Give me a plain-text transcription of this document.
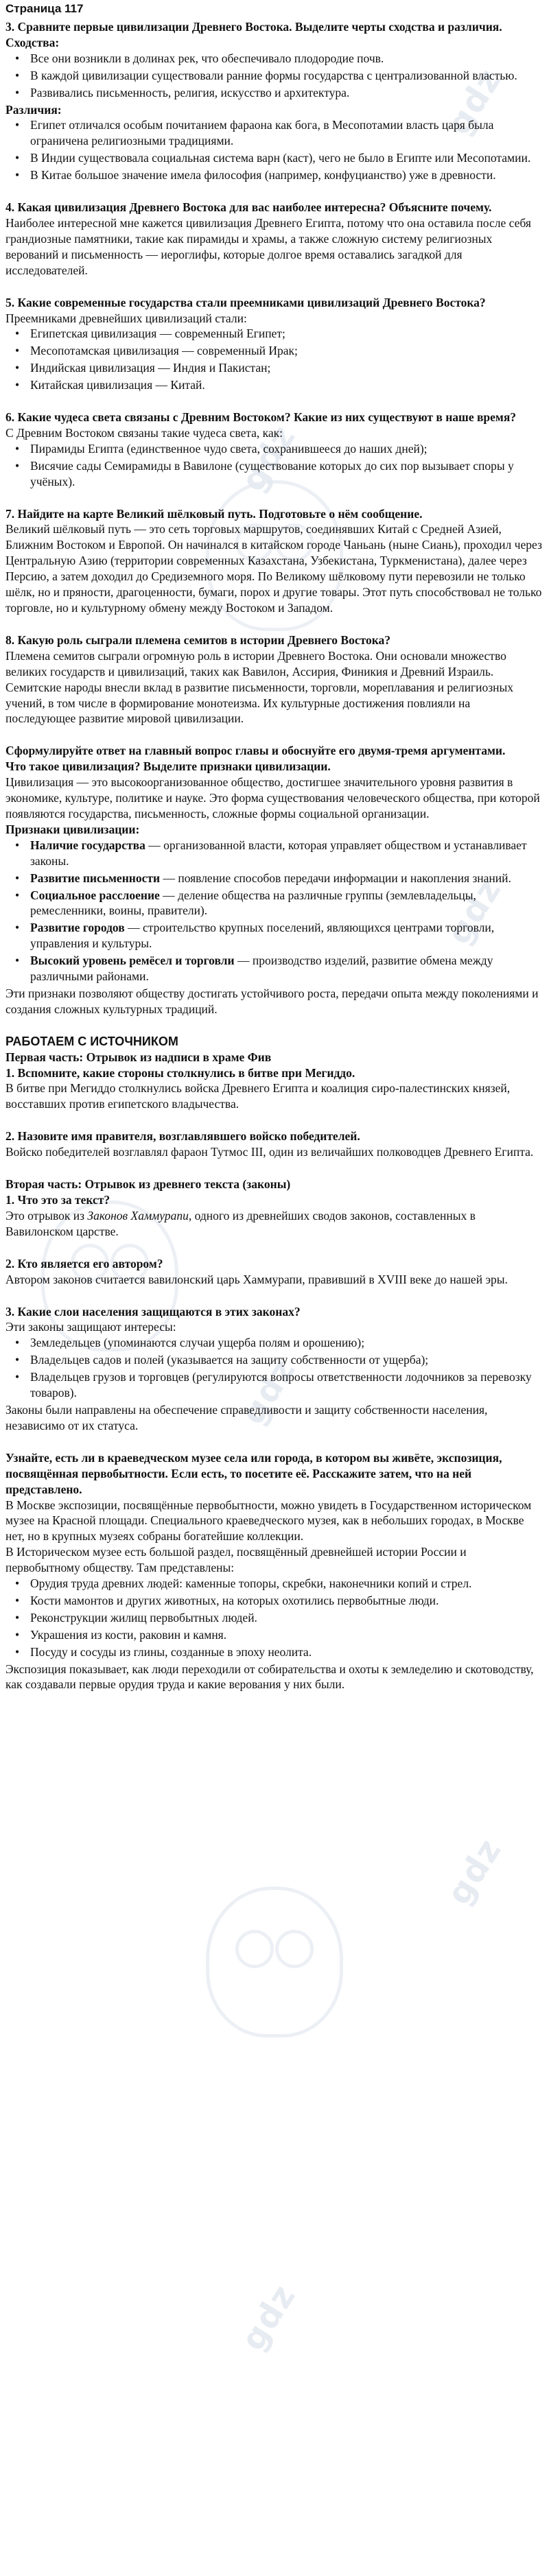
gdz
gdz
gdz
gdz
gdz
gdz
Страница 117

3. Сравните первые цивилизации Древнего Востока. Выделите черты сходства и различия.

Сходства:

• Все они возникли в долинах рек, что обеспечивало плодородие почв.
• В каждой цивилизации существовали ранние формы государства с централизованной властью.
• Развивались письменность, религия, искусство и архитектура.

Различия:

• Египет отличался особым почитанием фараона как бога, в Месопотамии власть царя была ограничена религиозными традициями.
• В Индии существовала социальная система варн (каст), чего не было в Египте или Месопотамии.
• В Китае большое значение имела философия (например, конфуцианство) уже в древности.

4. Какая цивилизация Древнего Востока для вас наиболее интересна? Объясните почему.

Наиболее интересной мне кажется цивилизация Древнего Египта, потому что она оставила после себя грандиозные памятники, такие как пирамиды и храмы, а также сложную систему религиозных верований и письменность — иероглифы, которые долгое время оставались загадкой для исследователей.

5. Какие современные государства стали преемниками цивилизаций Древнего Востока?

Преемниками древнейших цивилизаций стали:

• Египетская цивилизация — современный Египет;
• Месопотамская цивилизация — современный Ирак;
• Индийская цивилизация — Индия и Пакистан;
• Китайская цивилизация — Китай.

6. Какие чудеса света связаны с Древним Востоком? Какие из них существуют в наше время?

С Древним Востоком связаны такие чудеса света, как:

• Пирамиды Египта (единственное чудо света, сохранившееся до наших дней);
• Висячие сады Семирамиды в Вавилоне (существование которых до сих пор вызывает споры у учёных).

7. Найдите на карте Великий шёлковый путь. Подготовьте о нём сообщение.

Великий шёлковый путь — это сеть торговых маршрутов, соединявших Китай с Средней Азией, Ближним Востоком и Европой. Он начинался в китайском городе Чаньань (ныне Сиань), проходил через Центральную Азию (территории современных Казахстана, Узбекистана, Туркменистана), далее через Персию, а затем доходил до Средиземного моря. По Великому шёлковому пути перевозили не только шёлк, но и пряности, драгоценности, бумаги, порох и другие товары. Этот путь способствовал не только торговле, но и культурному обмену между Востоком и Западом.

8. Какую роль сыграли племена семитов в истории Древнего Востока?

Племена семитов сыграли огромную роль в истории Древнего Востока. Они основали множество великих государств и цивилизаций, таких как Вавилон, Ассирия, Финикия и Древний Израиль. Семитские народы внесли вклад в развитие письменности, торговли, мореплавания и религиозных учений, в том числе в формирование монотеизма. Их культурные достижения повлияли на последующее развитие мировой цивилизации.

Сформулируйте ответ на главный вопрос главы и обоснуйте его двумя-тремя аргументами.

Что такое цивилизация? Выделите признаки цивилизации.

Цивилизация — это высокоорганизованное общество, достигшее значительного уровня развития в экономике, культуре, политике и науке. Это форма существования человеческого общества, при которой появляются государства, письменность, сложные формы социальной организации.

Признаки цивилизации:

• Наличие государства — организованной власти, которая управляет обществом и устанавливает законы.
• Развитие письменности — появление способов передачи информации и накопления знаний.
• Социальное расслоение — деление общества на различные группы (землевладельцы, ремесленники, воины, правители).
• Развитие городов — строительство крупных поселений, являющихся центрами торговли, управления и культуры.
• Высокий уровень ремёсел и торговли — производство изделий, развитие обмена между различными районами.

Эти признаки позволяют обществу достигать устойчивого роста, передачи опыта между поколениями и создания сложных культурных традиций.

РАБОТАЕМ С ИСТОЧНИКОМ

Первая часть: Отрывок из надписи в храме Фив

1. Вспомните, какие стороны столкнулись в битве при Мегиддо.

В битве при Мегиддо столкнулись войска Древнего Египта и коалиция сиро-палестинских князей, восставших против египетского владычества.

2. Назовите имя правителя, возглавлявшего войско победителей.

Войско победителей возглавлял фараон Тутмос III, один из величайших полководцев Древнего Египта.

Вторая часть: Отрывок из древнего текста (законы)

1. Что это за текст?

Это отрывок из Законов Хаммурапи, одного из древнейших сводов законов, составленных в Вавилонском царстве.

2. Кто является его автором?

Автором законов считается вавилонский царь Хаммурапи, правивший в XVIII веке до нашей эры.

3. Какие слои населения защищаются в этих законах?

Эти законы защищают интересы:

• Земледельцев (упоминаются случаи ущерба полям и орошению);
• Владельцев садов и полей (указывается на защиту собственности от ущерба);
• Владельцев грузов и торговцев (регулируются вопросы ответственности лодочников за перевозку товаров).

Законы были направлены на обеспечение справедливости и защиту собственности населения, независимо от их статуса.

Узнайте, есть ли в краеведческом музее села или города, в котором вы живёте, экспозиция, посвящённая первобытности. Если есть, то посетите её. Расскажите затем, что на ней представлено.

В Москве экспозиции, посвящённые первобытности, можно увидеть в Государственном историческом музее на Красной площади. Специального краеведческого музея, как в небольших городах, в Москве нет, но в крупных музеях собраны богатейшие коллекции.

В Историческом музее есть большой раздел, посвящённый древнейшей истории России и первобытному обществу. Там представлены:

• Орудия труда древних людей: каменные топоры, скребки, наконечники копий и стрел.
• Кости мамонтов и других животных, на которых охотились первобытные люди.
• Реконструкции жилищ первобытных людей.
• Украшения из кости, раковин и камня.
• Посуду и сосуды из глины, созданные в эпоху неолита.

Экспозиция показывает, как люди переходили от собирательства и охоты к земледелию и скотоводству, как создавали первые орудия труда и какие верования у них были.
